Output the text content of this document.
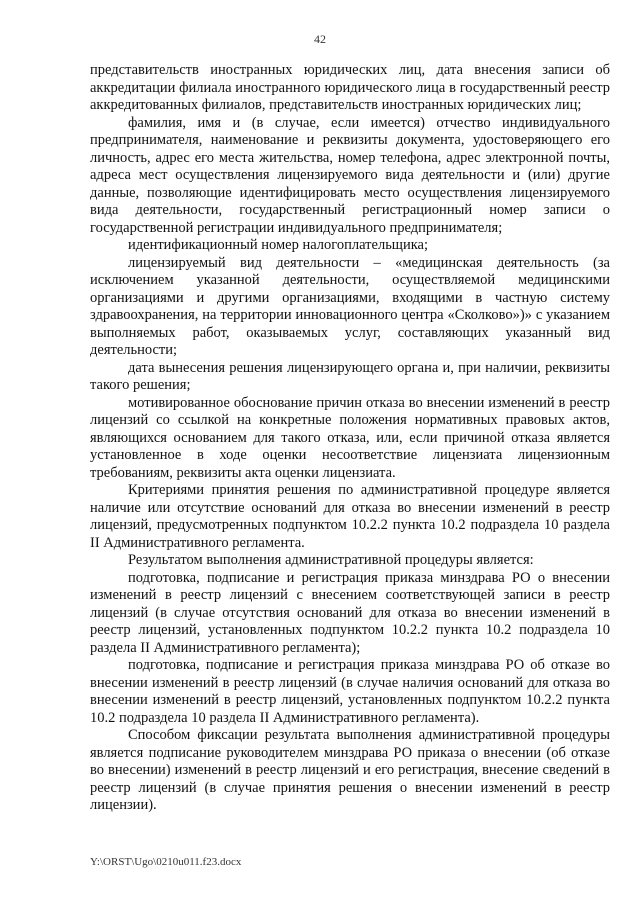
42

представительств иностранных юридических лиц, дата внесения записи об аккредитации филиала иностранного юридического лица в государственный реестр аккредитованных филиалов, представительств иностранных юридических лиц;

фамилия, имя и (в случае, если имеется) отчество индивидуального предпринимателя, наименование и реквизиты документа, удостоверяющего его личность, адрес его места жительства, номер телефона, адрес электронной почты, адреса мест осуществления лицензируемого вида деятельности и (или) другие данные, позволяющие идентифицировать место осуществления лицензируемого вида деятельности, государственный регистрационный номер записи о государственной регистрации индивидуального предпринимателя;

идентификационный номер налогоплательщика;

лицензируемый вид деятельности – «медицинская деятельность (за исключением указанной деятельности, осуществляемой медицинскими организациями и другими организациями, входящими в частную систему здравоохранения, на территории инновационного центра «Сколково»)» с указанием выполняемых работ, оказываемых услуг, составляющих указанный вид деятельности;

дата вынесения решения лицензирующего органа и, при наличии, реквизиты такого решения;

мотивированное обоснование причин отказа во внесении изменений в реестр лицензий со ссылкой на конкретные положения нормативных правовых актов, являющихся основанием для такого отказа, или, если причиной отказа является установленное в ходе оценки несоответствие лицензиата лицензионным требованиям, реквизиты акта оценки лицензиата.

Критериями принятия решения по административной процедуре является наличие или отсутствие оснований для отказа во внесении изменений в реестр лицензий, предусмотренных подпунктом 10.2.2 пункта 10.2 подраздела 10 раздела II Административного регламента.

Результатом выполнения административной процедуры является:

подготовка, подписание и регистрация приказа минздрава РО о внесении изменений в реестр лицензий с внесением соответствующей записи в реестр лицензий (в случае отсутствия оснований для отказа во внесении изменений в реестр лицензий, установленных подпунктом 10.2.2 пункта 10.2 подраздела 10 раздела II Административного регламента);

подготовка, подписание и регистрация приказа минздрава РО об отказе во внесении изменений в реестр лицензий (в случае наличия оснований для отказа во внесении изменений в реестр лицензий, установленных подпунктом 10.2.2 пункта 10.2 подраздела 10 раздела II Административного регламента).

Способом фиксации результата выполнения административной процедуры является подписание руководителем минздрава РО приказа о внесении (об отказе во внесении) изменений в реестр лицензий и его регистрация, внесение сведений в реестр лицензий (в случае принятия решения о внесении изменений в реестр лицензии).

Y:\ORST\Ugo\0210u011.f23.docx
